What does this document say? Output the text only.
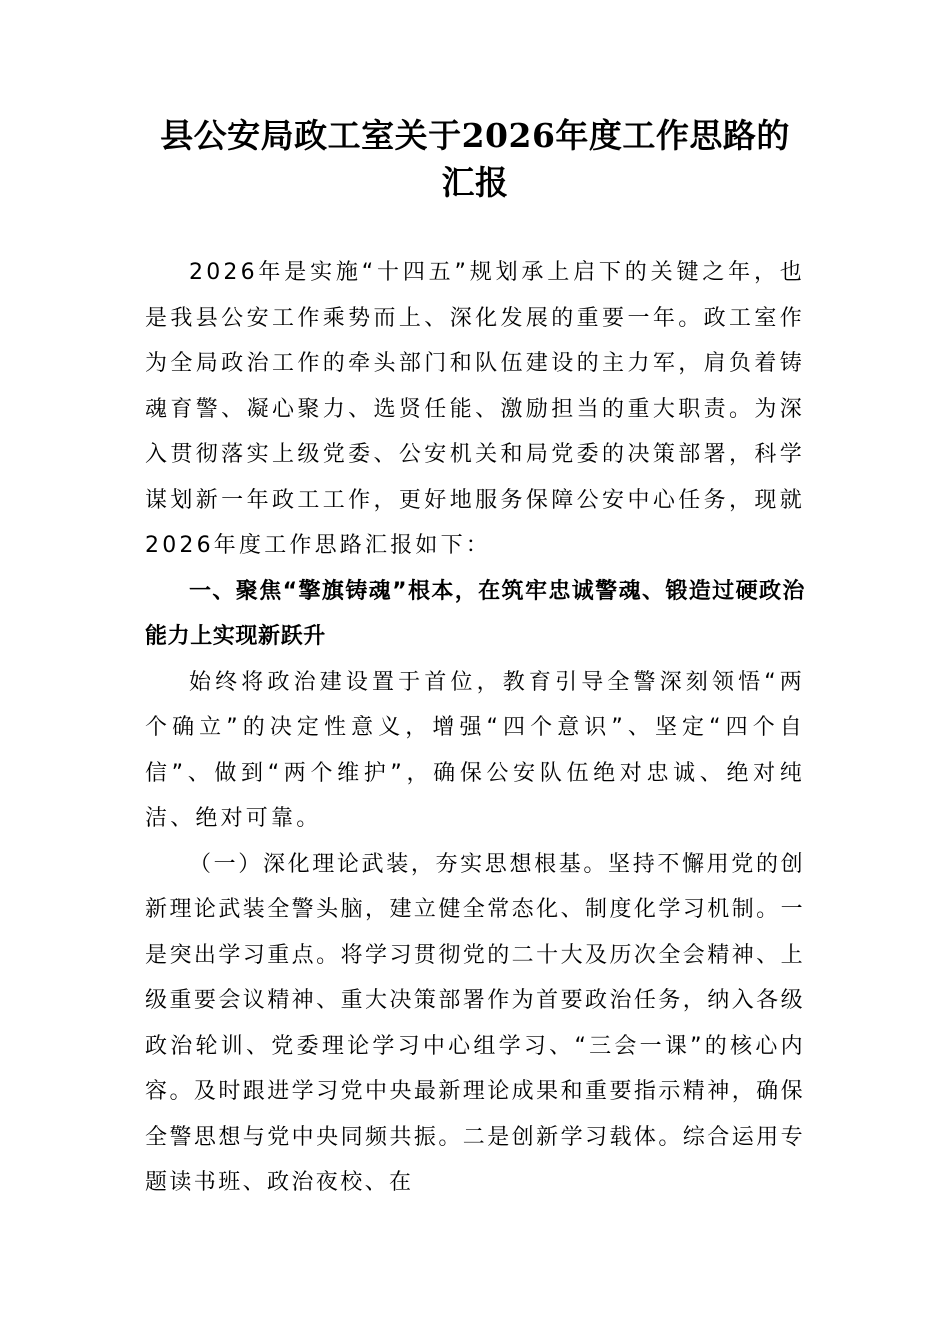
县公安局政工室关于2026年度工作思路的汇报

2026年是实施“十四五”规划承上启下的关键之年，也是我县公安工作乘势而上、深化发展的重要一年。政工室作为全局政治工作的牵头部门和队伍建设的主力军，肩负着铸魂育警、凝心聚力、选贤任能、激励担当的重大职责。为深入贯彻落实上级党委、公安机关和局党委的决策部署，科学谋划新一年政工工作，更好地服务保障公安中心任务，现就2026年度工作思路汇报如下：

一、聚焦“擎旗铸魂”根本，在筑牢忠诚警魂、锻造过硬政治能力上实现新跃升

始终将政治建设置于首位，教育引导全警深刻领悟“两个确立”的决定性意义，增强“四个意识”、坚定“四个自信”、做到“两个维护”，确保公安队伍绝对忠诚、绝对纯洁、绝对可靠。

（一）深化理论武装，夯实思想根基。坚持不懈用党的创新理论武装全警头脑，建立健全常态化、制度化学习机制。一是突出学习重点。将学习贯彻党的二十大及历次全会精神、上级重要会议精神、重大决策部署作为首要政治任务，纳入各级政治轮训、党委理论学习中心组学习、“三会一课”的核心内容。及时跟进学习党中央最新理论成果和重要指示精神，确保全警思想与党中央同频共振。二是创新学习载体。综合运用专题读书班、政治夜校、在
